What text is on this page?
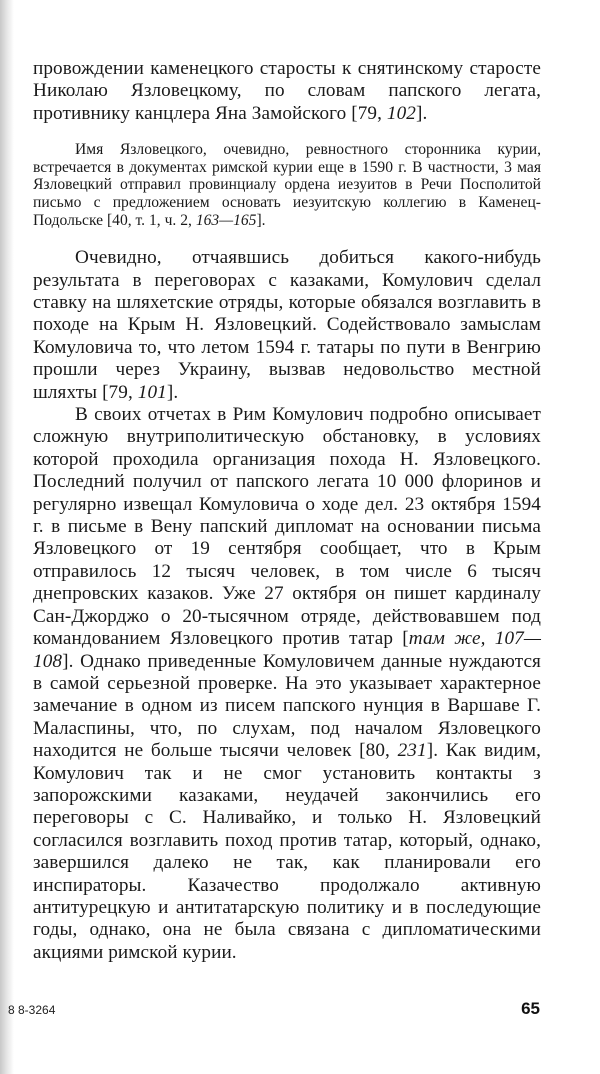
провождении каменецкого старосты к снятинскому старосте Николаю Язловецкому, по словам папского легата, противнику канцлера Яна Замойского [79, 102].

Имя Язловецкого, очевидно, ревностного сторонника курии, встречается в документах римской курии еще в 1590 г. В частности, 3 мая Язловецкий отправил провинциалу ордена иезуитов в Речи Посполитой письмо с предложением основать иезуитскую коллегию в Каменец-Подольске [40, т. 1, ч. 2, 163—165].

Очевидно, отчаявшись добиться какого-нибудь результата в переговорах с казаками, Комулович сделал ставку на шляхетские отряды, которые обязался возглавить в походе на Крым Н. Язловецкий. Содействовало замыслам Комуловича то, что летом 1594 г. татары по пути в Венгрию прошли через Украину, вызвав недовольство местной шляхты [79, 101].

В своих отчетах в Рим Комулович подробно описывает сложную внутриполитическую обстановку, в условиях которой проходила организация похода Н. Язловецкого. Последний получил от папского легата 10 000 флоринов и регулярно извещал Комуловича о ходе дел. 23 октября 1594 г. в письме в Вену папский дипломат на основании письма Язловецкого от 19 сентября сообщает, что в Крым отправилось 12 тысяч человек, в том числе 6 тысяч днепровских казаков. Уже 27 октября он пишет кардиналу Сан-Джорджо о 20-тысячном отряде, действовавшем под командованием Язловецкого против татар [там же, 107—108]. Однако приведенные Комуловичем данные нуждаются в самой серьезной проверке. На это указывает характерное замечание в одном из писем папского нунция в Варшаве Г. Маласпины, что, по слухам, под началом Язловецкого находится не больше тысячи человек [80, 231]. Как видим, Комулович так и не смог установить контакты з запорожскими казаками, неудачей закончились его переговоры с С. Наливайко, и только Н. Язловецкий согласился возглавить поход против татар, который, однако, завершился далеко не так, как планировали его инспираторы. Казачество продолжало активную антитурецкую и антитатарскую политику и в последующие годы, однако, она не была связана с дипломатическими акциями римской курии.

8 8-3264	65
